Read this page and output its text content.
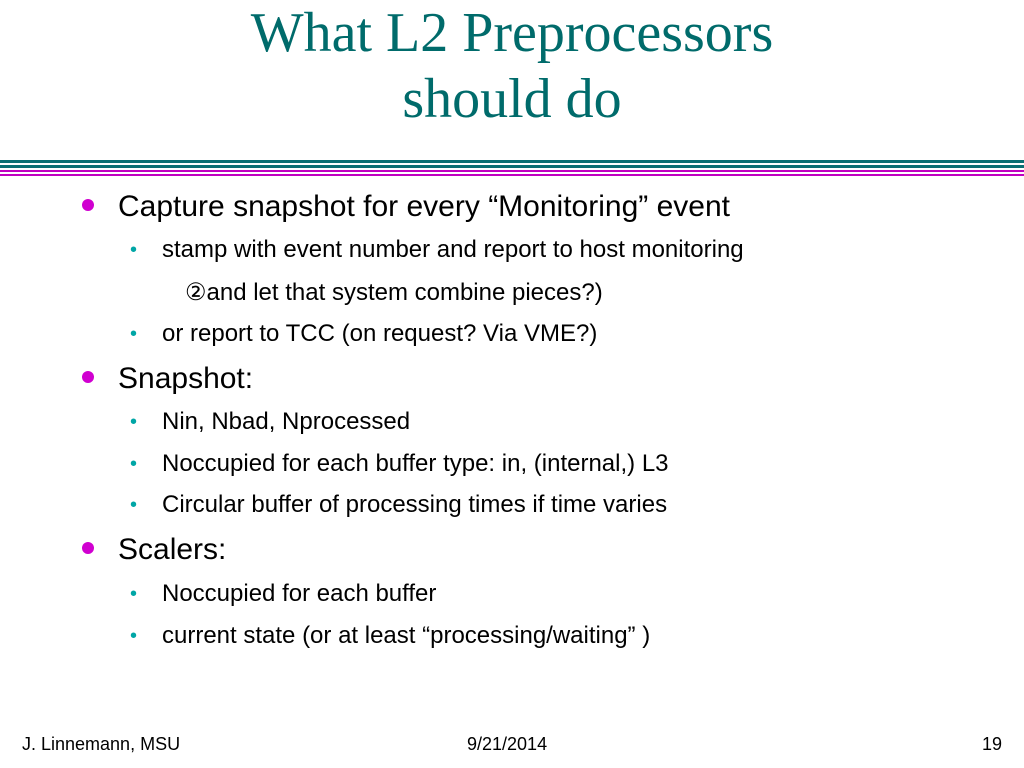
What L2 Preprocessors
should do
Capture snapshot for every “Monitoring” event
• stamp with event number and report to host monitoring
②and let that system combine pieces?)
• or report to TCC (on request? Via VME?)
Snapshot:
• Nin, Nbad, Nprocessed
• Noccupied for each buffer type: in, (internal,) L3
• Circular buffer of processing times if time varies
Scalers:
• Noccupied for each buffer
• current state (or at least “processing/waiting” )
J. Linnemann, MSU	9/21/2014	19
